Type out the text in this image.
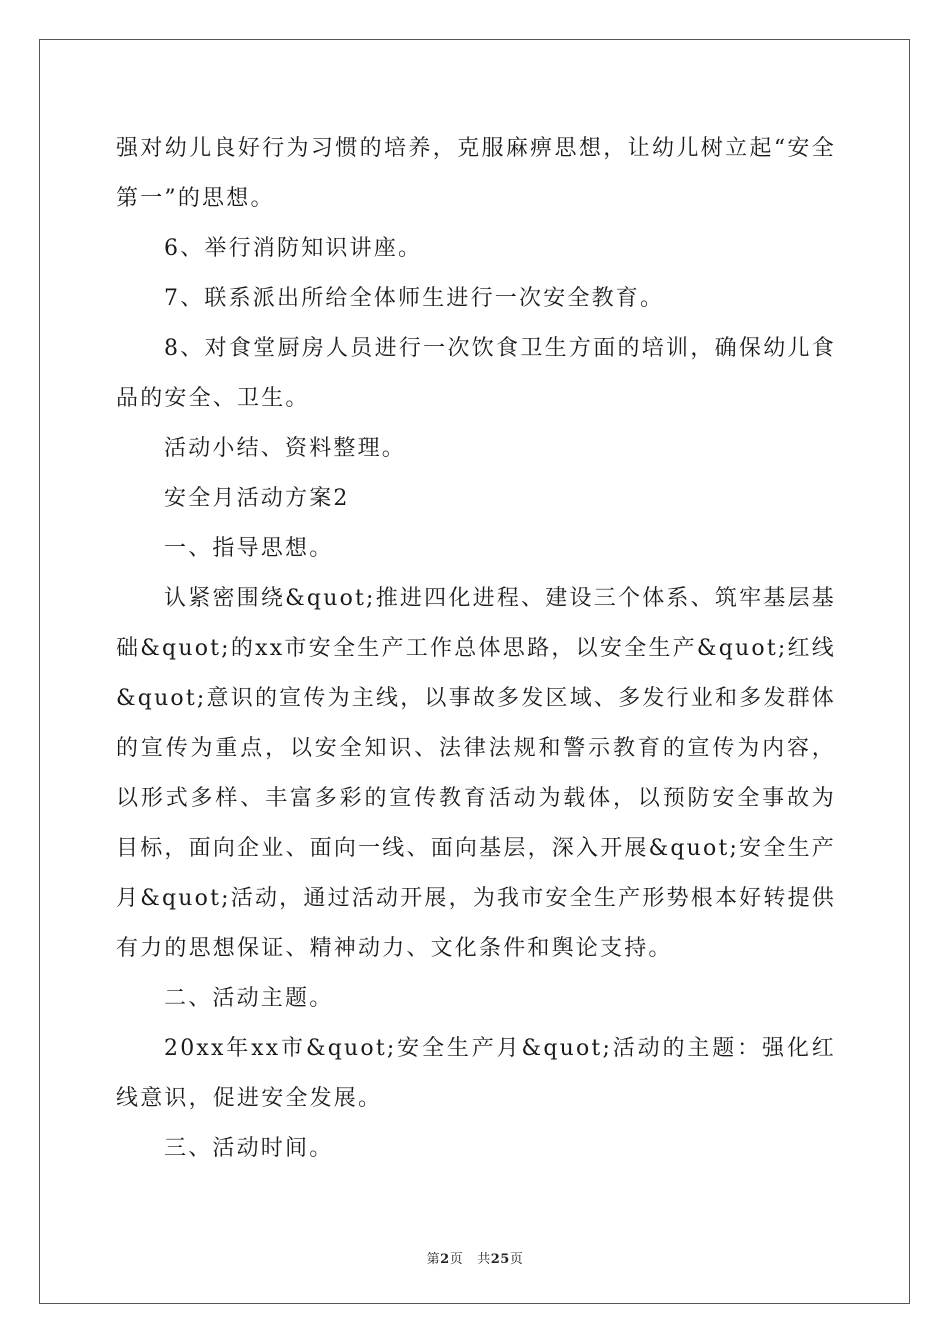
强对幼儿良好行为习惯的培养，克服麻痹思想，让幼儿树立起“安全第一”的思想。

6、举行消防知识讲座。

7、联系派出所给全体师生进行一次安全教育。

8、对食堂厨房人员进行一次饮食卫生方面的培训，确保幼儿食品的安全、卫生。

活动小结、资料整理。

安全月活动方案2

一、指导思想。

认紧密围绕&quot;推进四化进程、建设三个体系、筑牢基层基础&quot;的xx市安全生产工作总体思路，以安全生产&quot;红线&quot;意识的宣传为主线，以事故多发区域、多发行业和多发群体的宣传为重点，以安全知识、法律法规和警示教育的宣传为内容，以形式多样、丰富多彩的宣传教育活动为载体，以预防安全事故为目标，面向企业、面向一线、面向基层，深入开展&quot;安全生产月&quot;活动，通过活动开展，为我市安全生产形势根本好转提供有力的思想保证、精神动力、文化条件和舆论支持。

二、活动主题。

20xx年xx市&quot;安全生产月&quot;活动的主题：强化红线意识，促进安全发展。

三、活动时间。

第2页 共25页
